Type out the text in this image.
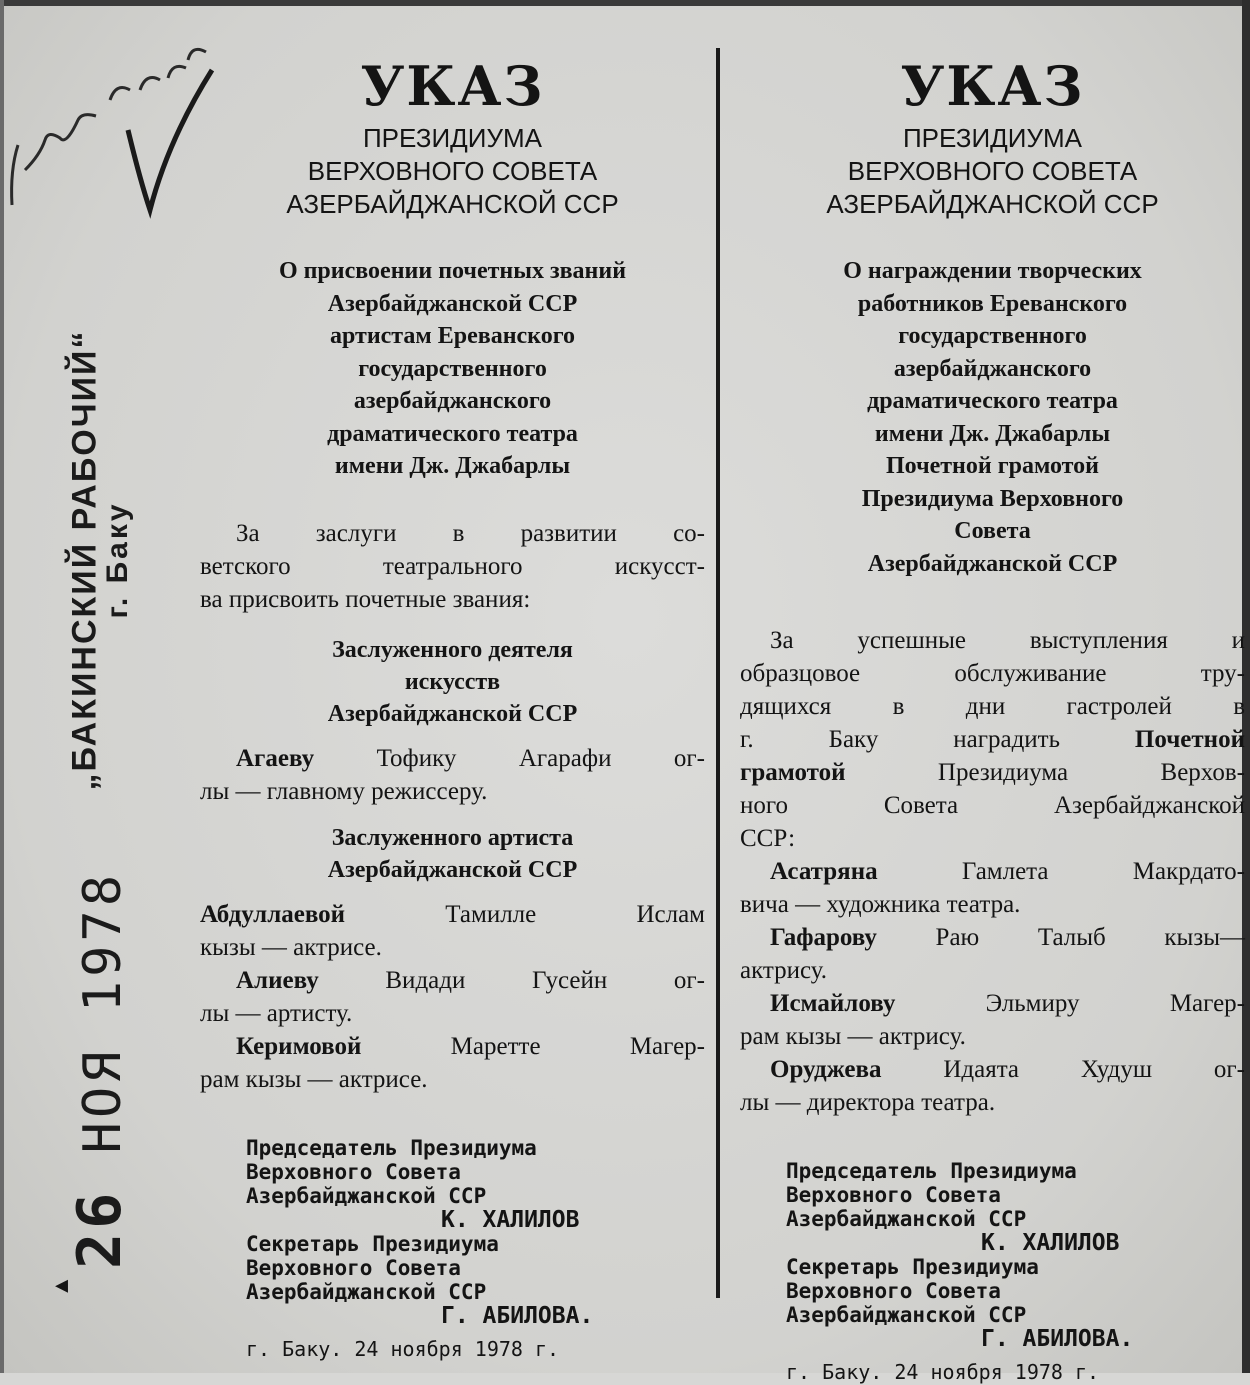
„БАКИНСКИЙ РАБОЧИЙ“
г. Баку
26 НОЯ 1978
◂
УКАЗ
ПРЕЗИДИУМА
ВЕРХОВНОГО СОВЕТА
АЗЕРБАЙДЖАНСКОЙ ССР
О присвоении почетных званий
Азербайджанской ССР
артистам Ереванского
государственного
азербайджанского
драматического театра
имени Дж. Джабарлы
За заслуги в развитии со-
ветского театрального искусст-
ва присвоить почетные звания:
Заслуженного деятеля
искусств
Азербайджанской ССР
Агаеву Тофику Агарафи ог-
лы — главному режиссеру.
Заслуженного артиста
Азербайджанской ССР
Абдуллаевой Тамилле Ислам
кызы — актрисе.
Алиеву Видади Гусейн ог-
лы — артисту.
Керимовой Маретте Магер-
рам кызы — актрисе.
Председатель Президиума
Верховного Совета
Азербайджанской ССР
К. ХАЛИЛОВ
Секретарь Президиума
Верховного Совета
Азербайджанской ССР
Г. АБИЛОВА.
г. Баку. 24 ноября 1978 г.
УКАЗ
ПРЕЗИДИУМА
ВЕРХОВНОГО СОВЕТА
АЗЕРБАЙДЖАНСКОЙ ССР
О награждении творческих
работников Ереванского
государственного
азербайджанского
драматического театра
имени Дж. Джабарлы
Почетной грамотой
Президиума Верховного
Совета
Азербайджанской ССР
За успешные выступления и
образцовое обслуживание тру-
дящихся в дни гастролей в
г. Баку наградить Почетной
грамотой Президиума Верхов-
ного Совета Азербайджанской
ССР:
Асатряна Гамлета Макрдато-
вича — художника театра.
Гафарову Раю Талыб кызы—
актрису.
Исмайлову Эльмиру Магер-
рам кызы — актрису.
Оруджева Идаята Худуш ог-
лы — директора театра.
Председатель Президиума
Верховного Совета
Азербайджанской ССР
К. ХАЛИЛОВ
Секретарь Президиума
Верховного Совета
Азербайджанской ССР
Г. АБИЛОВА.
г. Баку. 24 ноября 1978 г.
